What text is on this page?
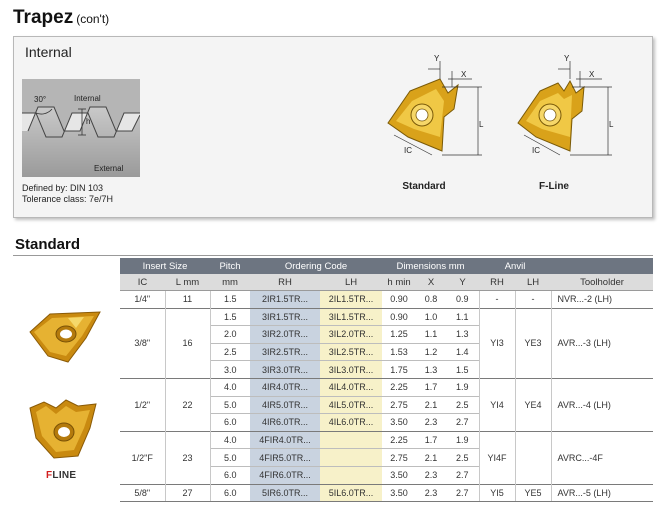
Trapez (con't)
Internal
30°	Internal
h
External
Defined by: DIN 103
Tolerance class: 7e/7H
Y
X
L
IC
Standard
Y
X
L
IC
F-Line
Standard
FLINE
Insert Size		Pitch	Ordering Code		Dimensions mm			Anvil		
IC	L mm	mm	RH	LH	h min	X	Y	RH	LH	Toolholder
1/4"	11	1.5	2IR1.5TR...	2IL1.5TR...	0.90	0.8	0.9	-	-	NVR...-2 (LH)
3/8"	16	1.5	3IR1.5TR...	3IL1.5TR...	0.90	1.0	1.1	YI3	YE3	AVR...-3 (LH)
		2.0	3IR2.0TR...	3IL2.0TR...	1.25	1.1	1.3			
		2.5	3IR2.5TR...	3IL2.5TR...	1.53	1.2	1.4			
		3.0	3IR3.0TR...	3IL3.0TR...	1.75	1.3	1.5			
1/2"	22	4.0	4IR4.0TR...	4IL4.0TR...	2.25	1.7	1.9	YI4	YE4	AVR...-4 (LH)
		5.0	4IR5.0TR...	4IL5.0TR...	2.75	2.1	2.5			
		6.0	4IR6.0TR...	4IL6.0TR...	3.50	2.3	2.7			
1/2"F	23	4.0	4FIR4.0TR...		2.25	1.7	1.9	YI4F		AVRC...-4F
		5.0	4FIR5.0TR...		2.75	2.1	2.5			
		6.0	4FIR6.0TR...		3.50	2.3	2.7			
5/8"	27	6.0	5IR6.0TR...	5IL6.0TR...	3.50	2.3	2.7	YI5	YE5	AVR...-5 (LH)
